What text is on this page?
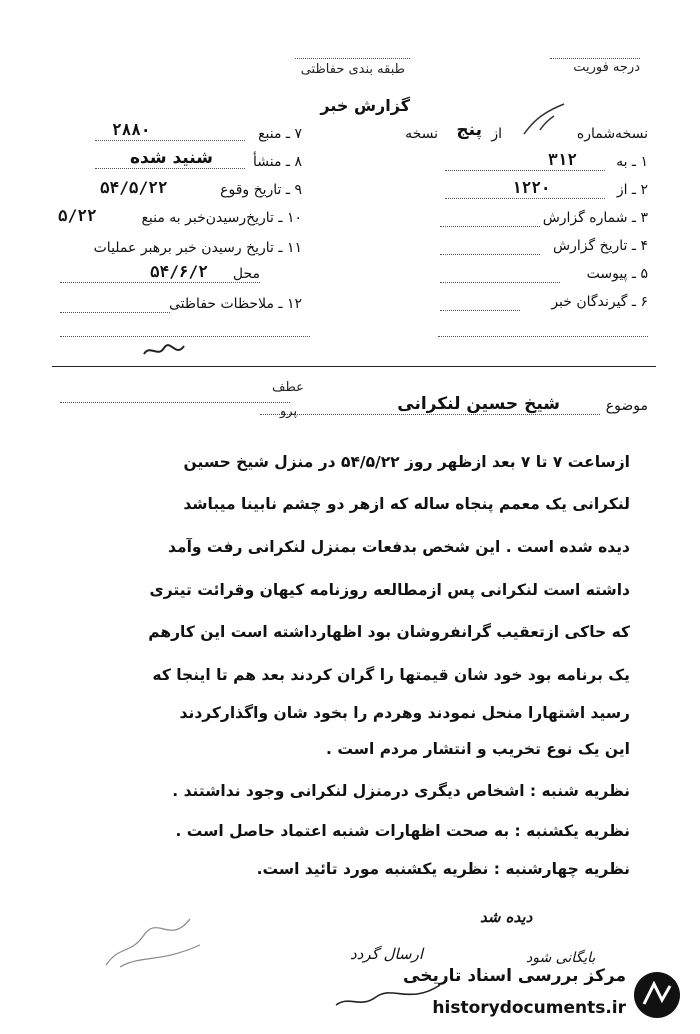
درجه فوریت
طبقه بندی حفاظتی
گزارش خبر
نسخه‌شماره
از
پنج
نسخه
۱ ـ به
۳۱۲
۲ ـ از
۱۲۲۰
۳ ـ شماره گزارش
۴ ـ تاریخ گزارش
۵ ـ پیوست
۶ ـ گیرندگان خبر
۷ ـ منبع
۲۸۸۰
۸ ـ منشأ
شنید شده
۹ ـ تاریخ وقوع
۵۴/۵/۲۲
۱۰ ـ تاریخ‌رسیدن‌خبر به منبع
۵/۲۲
۱۱ ـ تاریخ رسیدن خبر برهبر عملیات
محل
۵۴/۶/۲
۱۲ ـ ملاحظات حفاظتی
موضوع
شیخ حسین لنکرانی
عطف
پرو
ازساعت ۷ تا ۷ بعد ازظهر روز ۵۴/۵/۲۲ در منزل شیخ حسین
لنکرانی یک معمم پنجاه ساله که ازهر دو چشم نابینا میباشد
دیده شده است . این شخص بدفعات بمنزل لنکرانی رفت وآمد
داشته است لنکرانی پس ازمطالعه روزنامه کیهان وقرائت تیتری
که حاکی ازتعقیب گرانفروشان بود اظهارداشته است این کارهم
یک برنامه بود خود شان قیمتها را گران کردند بعد هم تا اینجا که
رسید اشتهارا منحل نمودند وهردم را بخود شان واگذارکردند
این یک نوع تخریب و انتشار مردم است .
نظریه شنبه : اشخاص دیگری درمنزل لنکرانی وجود نداشتند .
نظریه یکشنبه : به صحت اظهارات شنبه اعتماد حاصل است .
نظریه چهارشنبه : نظریه یکشنبه مورد تائید است.
دیده شد
بایگانی شود
ارسال گردد
مرکز بررسی اسناد تاریخی
historydocuments.ir
